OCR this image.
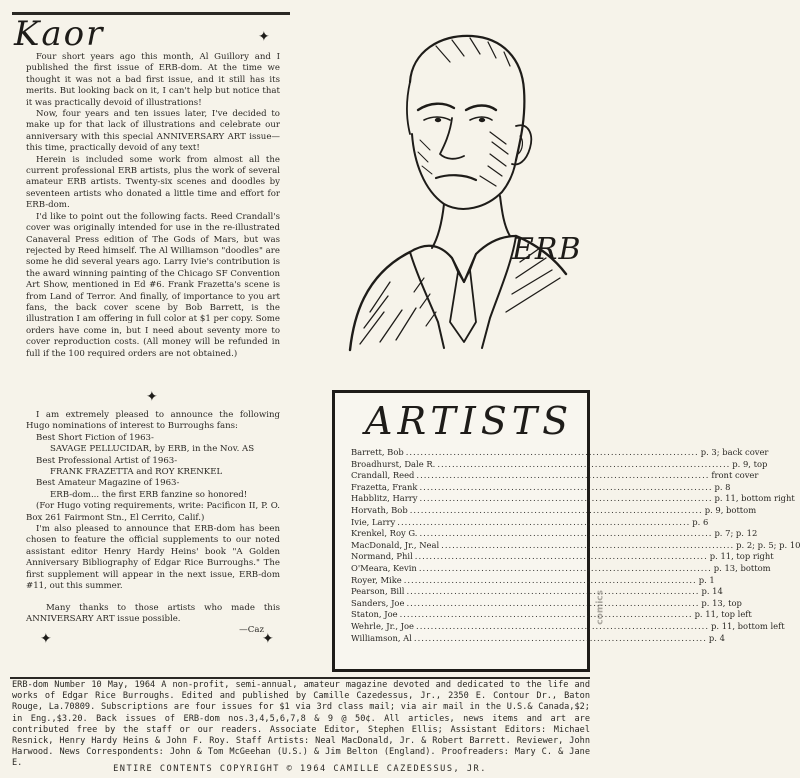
Kaor	✦

Four short years ago this month, Al Guillory and I published the first issue of ERB-dom. At the time we thought it was not a bad first issue, and it still has its merits. But looking back on it, I can't help but notice that it was practically devoid of illustrations!

Now, four years and ten issues later, I've decided to make up for that lack of illustrations and celebrate our anniversary with this special ANNIVERSARY ART issue—this time, practically devoid of any text!

Herein is included some work from almost all the current professional ERB artists, plus the work of several amateur ERB artists. Twenty-six scenes and doodles by seventeen artists who donated a little time and effort for ERB-dom.

I'd like to point out the following facts. Reed Crandall's cover was originally intended for use in the re-illustrated Canaveral Press edition of The Gods of Mars, but was rejected by Reed himself. The Al Williamson "doodles" are some he did several years ago. Larry Ivie's contribution is the award winning painting of the Chicago SF Convention Art Show, mentioned in Ed #6. Frank Frazetta's scene is from Land of Terror. And finally, of importance to you art fans, the back cover scene by Bob Barrett, is the illustration I am offering in full color at $1 per copy. Some orders have come in, but I need about seventy more to cover reproduction costs. (All money will be refunded in full if the 100 required orders are not obtained.)

✦

I am extremely pleased to announce the following Hugo nominations of interest to Burroughs fans:

Best Short Fiction of 1963-

SAVAGE PELLUCIDAR, by ERB, in the Nov. AS

Best Professional Artist of 1963-

FRANK FRAZETTA and ROY KRENKEL

Best Amateur Magazine of 1963-

ERB-dom... the first ERB fanzine so honored!

(For Hugo voting requirements, write: Pacificon II, P. O. Box 261 Fairmont Stn., El Cerrito, Calif.)

I'm also pleased to announce that ERB-dom has been chosen to feature the official supplements to our noted assistant editor Henry Hardy Heins' book "A Golden Anniversary Bibliography of Edgar Rice Burroughs." The first supplement will appear in the next issue, ERB-dom #11, out this summer.

Many thanks to those artists who made this ANNIVERSARY ART issue possible.

—Caz

✦	✦
ERB
ARTISTS
Barrett, Bob .....	p. 3; back cover
Broadhurst, Dale R. .....	p. 9, top
Crandall, Reed .....	front cover
Frazetta, Frank .....	p. 8
Habblitz, Harry .....	p. 11, bottom right
Horvath, Bob .....	p. 9, bottom
Ivie, Larry .....	p. 6
Krenkel, Roy G. .....	p. 7; p. 12
MacDonald, Jr., Neal .....	p. 2; p. 5; p. 10
Normand, Phil .....	p. 11, top right
O'Meara, Kevin .....	p. 13, bottom
Royer, Mike .....	p. 1
Pearson, Bill .....	p. 14
Sanders, Joe .....	p. 13, top
Staton, Joe .....	p. 11, top left
Wehrle, Jr., Joe .....	p. 11, bottom left
Williamson, Al .....	p. 4
ERB-dom Number 10 May, 1964 A non-profit, semi-annual, amateur magazine devoted and dedicated to the life and works of Edgar Rice Burroughs. Edited and published by Camille Cazedessus, Jr., 2350 E. Contour Dr., Baton Rouge, La.70809. Subscriptions are four issues for $1 via 3rd class mail; via air mail in the U.S.& Canada,$2; in Eng.,$3.20. Back issues of ERB-dom nos.3,4,5,6,7,8 & 9 @ 50¢. All articles, news items and art are contributed free by the staff or our readers. Associate Editor, Stephen Ellis; Assistant Editors: Michael Resnick, Henry Hardy Heins & John F. Roy. Staff Artists: Neal MacDonald, Jr. & Robert Barrett. Reviewer, John Harwood. News Correspondents: John & Tom McGeehan (U.S.) & Jim Belton (England). Proofreaders: Mary C. & Jane E.
ENTIRE CONTENTS COPYRIGHT © 1964 CAMILLE CAZEDESSUS, JR.
comics
